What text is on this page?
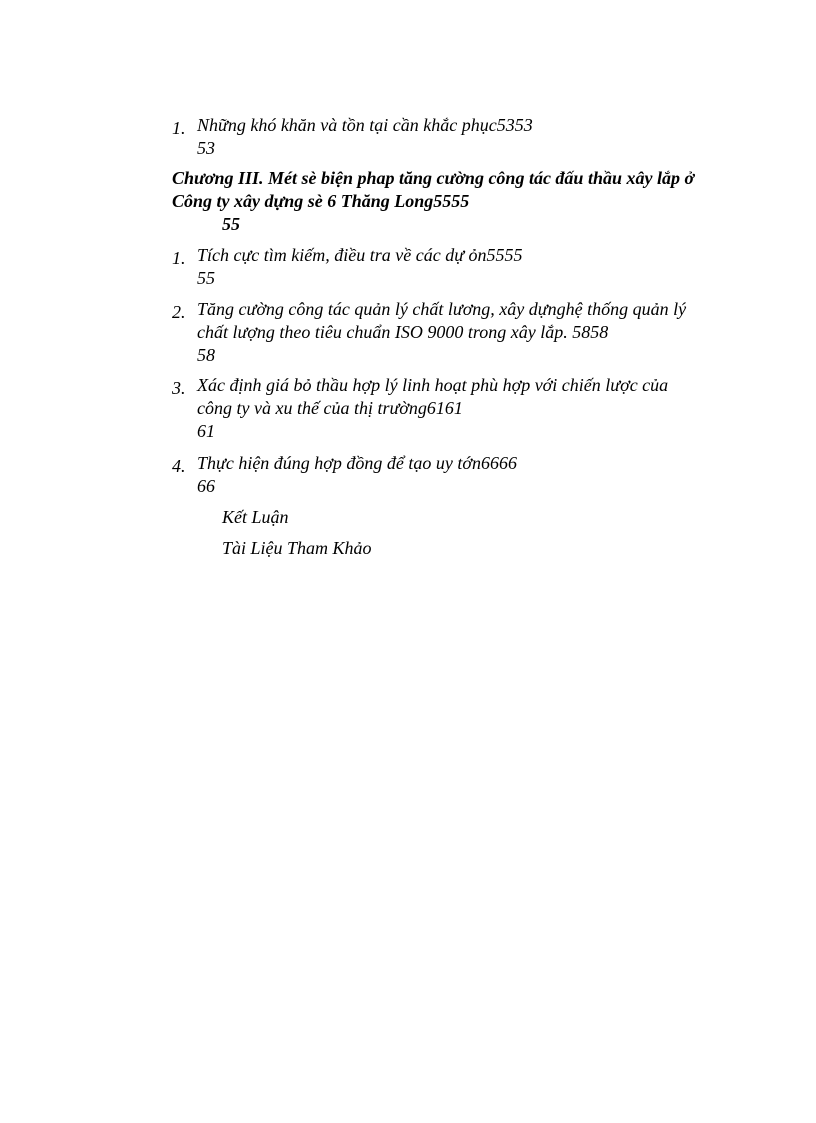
1. Những khó khăn và tồn tại cần khắc phục5353
53
Chương III. Mét sè biện phap tăng cường công tác đấu thầu xây lắp ở Công ty xây dựng sè 6 Thăng Long5555
55
1. Tích cực tìm kiếm, điều tra về các dự ỏn5555
55
2. Tăng cường công tác quản lý chất lương, xây dựnghệ thống quản lý chất lượng theo tiêu chuẩn ISO 9000 trong xây lắp. 5858
58
3. Xác định giá bỏ thầu hợp lý linh hoạt phù hợp với chiến lược của công ty và xu thế của thị trường6161
61
4. Thực hiện đúng hợp đồng để tạo uy tớn6666
66
Kết Luận
Tài Liệu Tham Khảo
